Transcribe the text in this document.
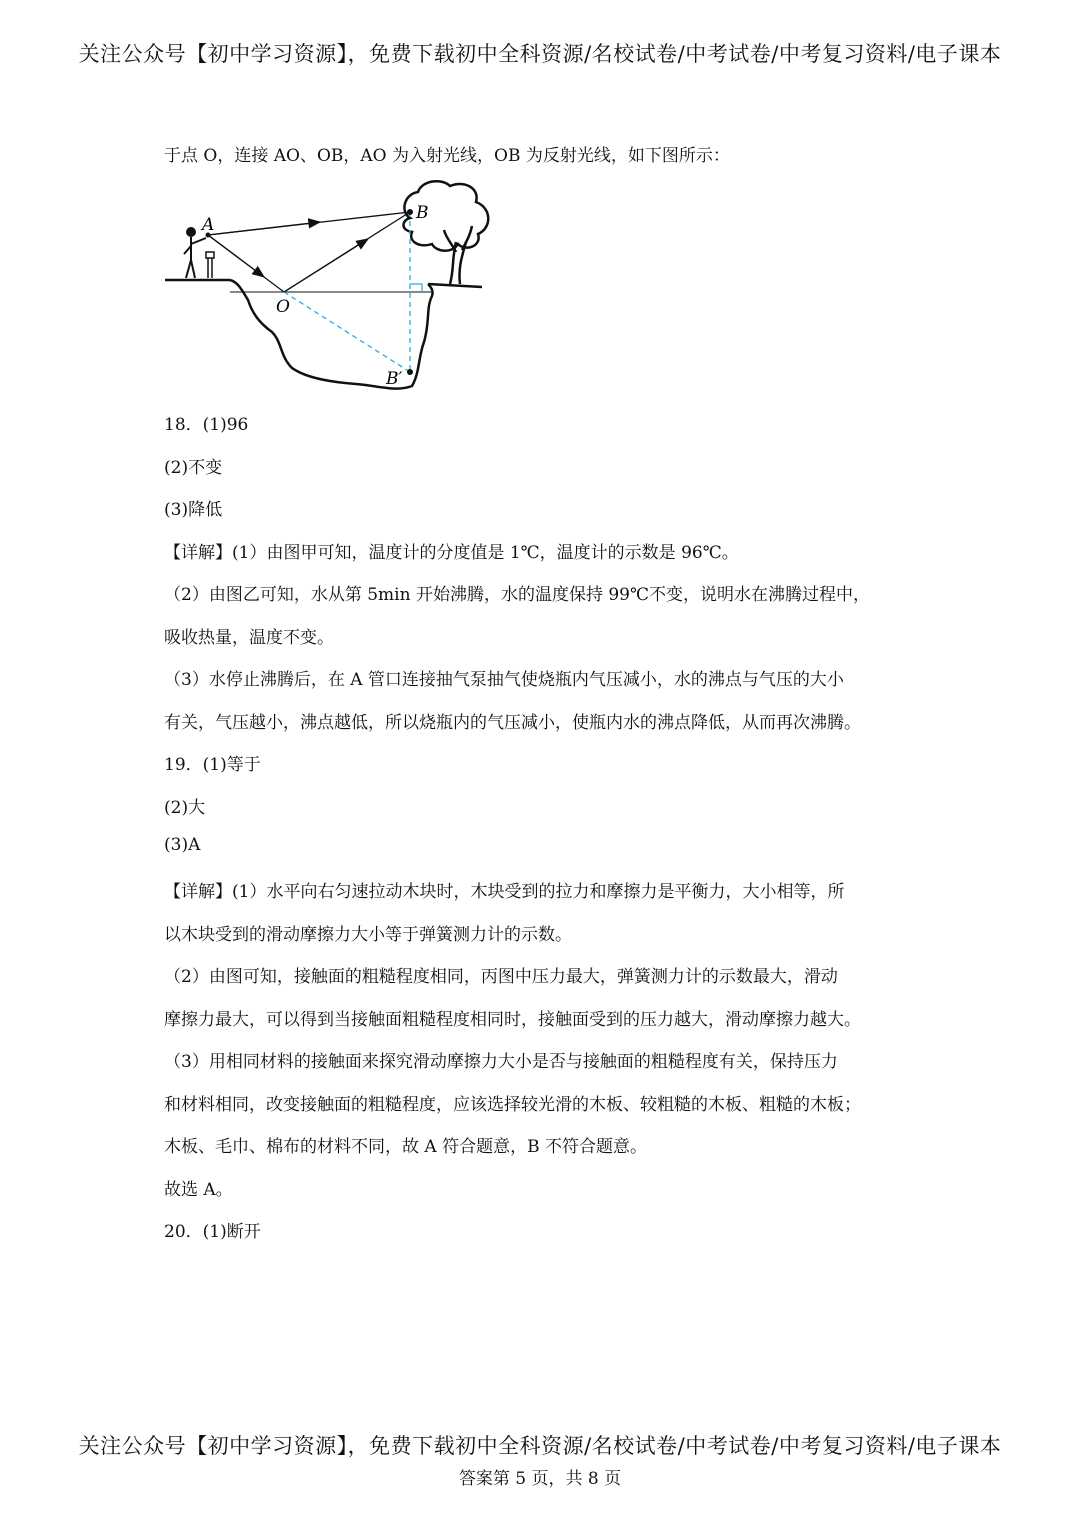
关注公众号【初中学习资源】，免费下载初中全科资源/名校试卷/中考试卷/中考复习资料/电子课本
于点 O，连接 AO、OB，AO 为入射光线，OB 为反射光线，如下图所示：
A
B
O
B′
18．(1)96
(2)不变
(3)降低
【详解】(1）由图甲可知，温度计的分度值是 1℃，温度计的示数是 96℃。
（2）由图乙可知，水从第 5min 开始沸腾，水的温度保持 99℃不变，说明水在沸腾过程中，
吸收热量，温度不变。
（3）水停止沸腾后，在 A 管口连接抽气泵抽气使烧瓶内气压减小，水的沸点与气压的大小
有关，气压越小，沸点越低，所以烧瓶内的气压减小，使瓶内水的沸点降低，从而再次沸腾。
19．(1)等于
(2)大
(3)A
【详解】(1）水平向右匀速拉动木块时，木块受到的拉力和摩擦力是平衡力，大小相等，所
以木块受到的滑动摩擦力大小等于弹簧测力计的示数。
（2）由图可知，接触面的粗糙程度相同，丙图中压力最大，弹簧测力计的示数最大，滑动
摩擦力最大，可以得到当接触面粗糙程度相同时，接触面受到的压力越大，滑动摩擦力越大。
（3）用相同材料的接触面来探究滑动摩擦力大小是否与接触面的粗糙程度有关，保持压力
和材料相同，改变接触面的粗糙程度，应该选择较光滑的木板、较粗糙的木板、粗糙的木板；
木板、毛巾、棉布的材料不同，故 A 符合题意，B 不符合题意。
故选 A。
20．(1)断开
关注公众号【初中学习资源】，免费下载初中全科资源/名校试卷/中考试卷/中考复习资料/电子课本
答案第 5 页，共 8 页
